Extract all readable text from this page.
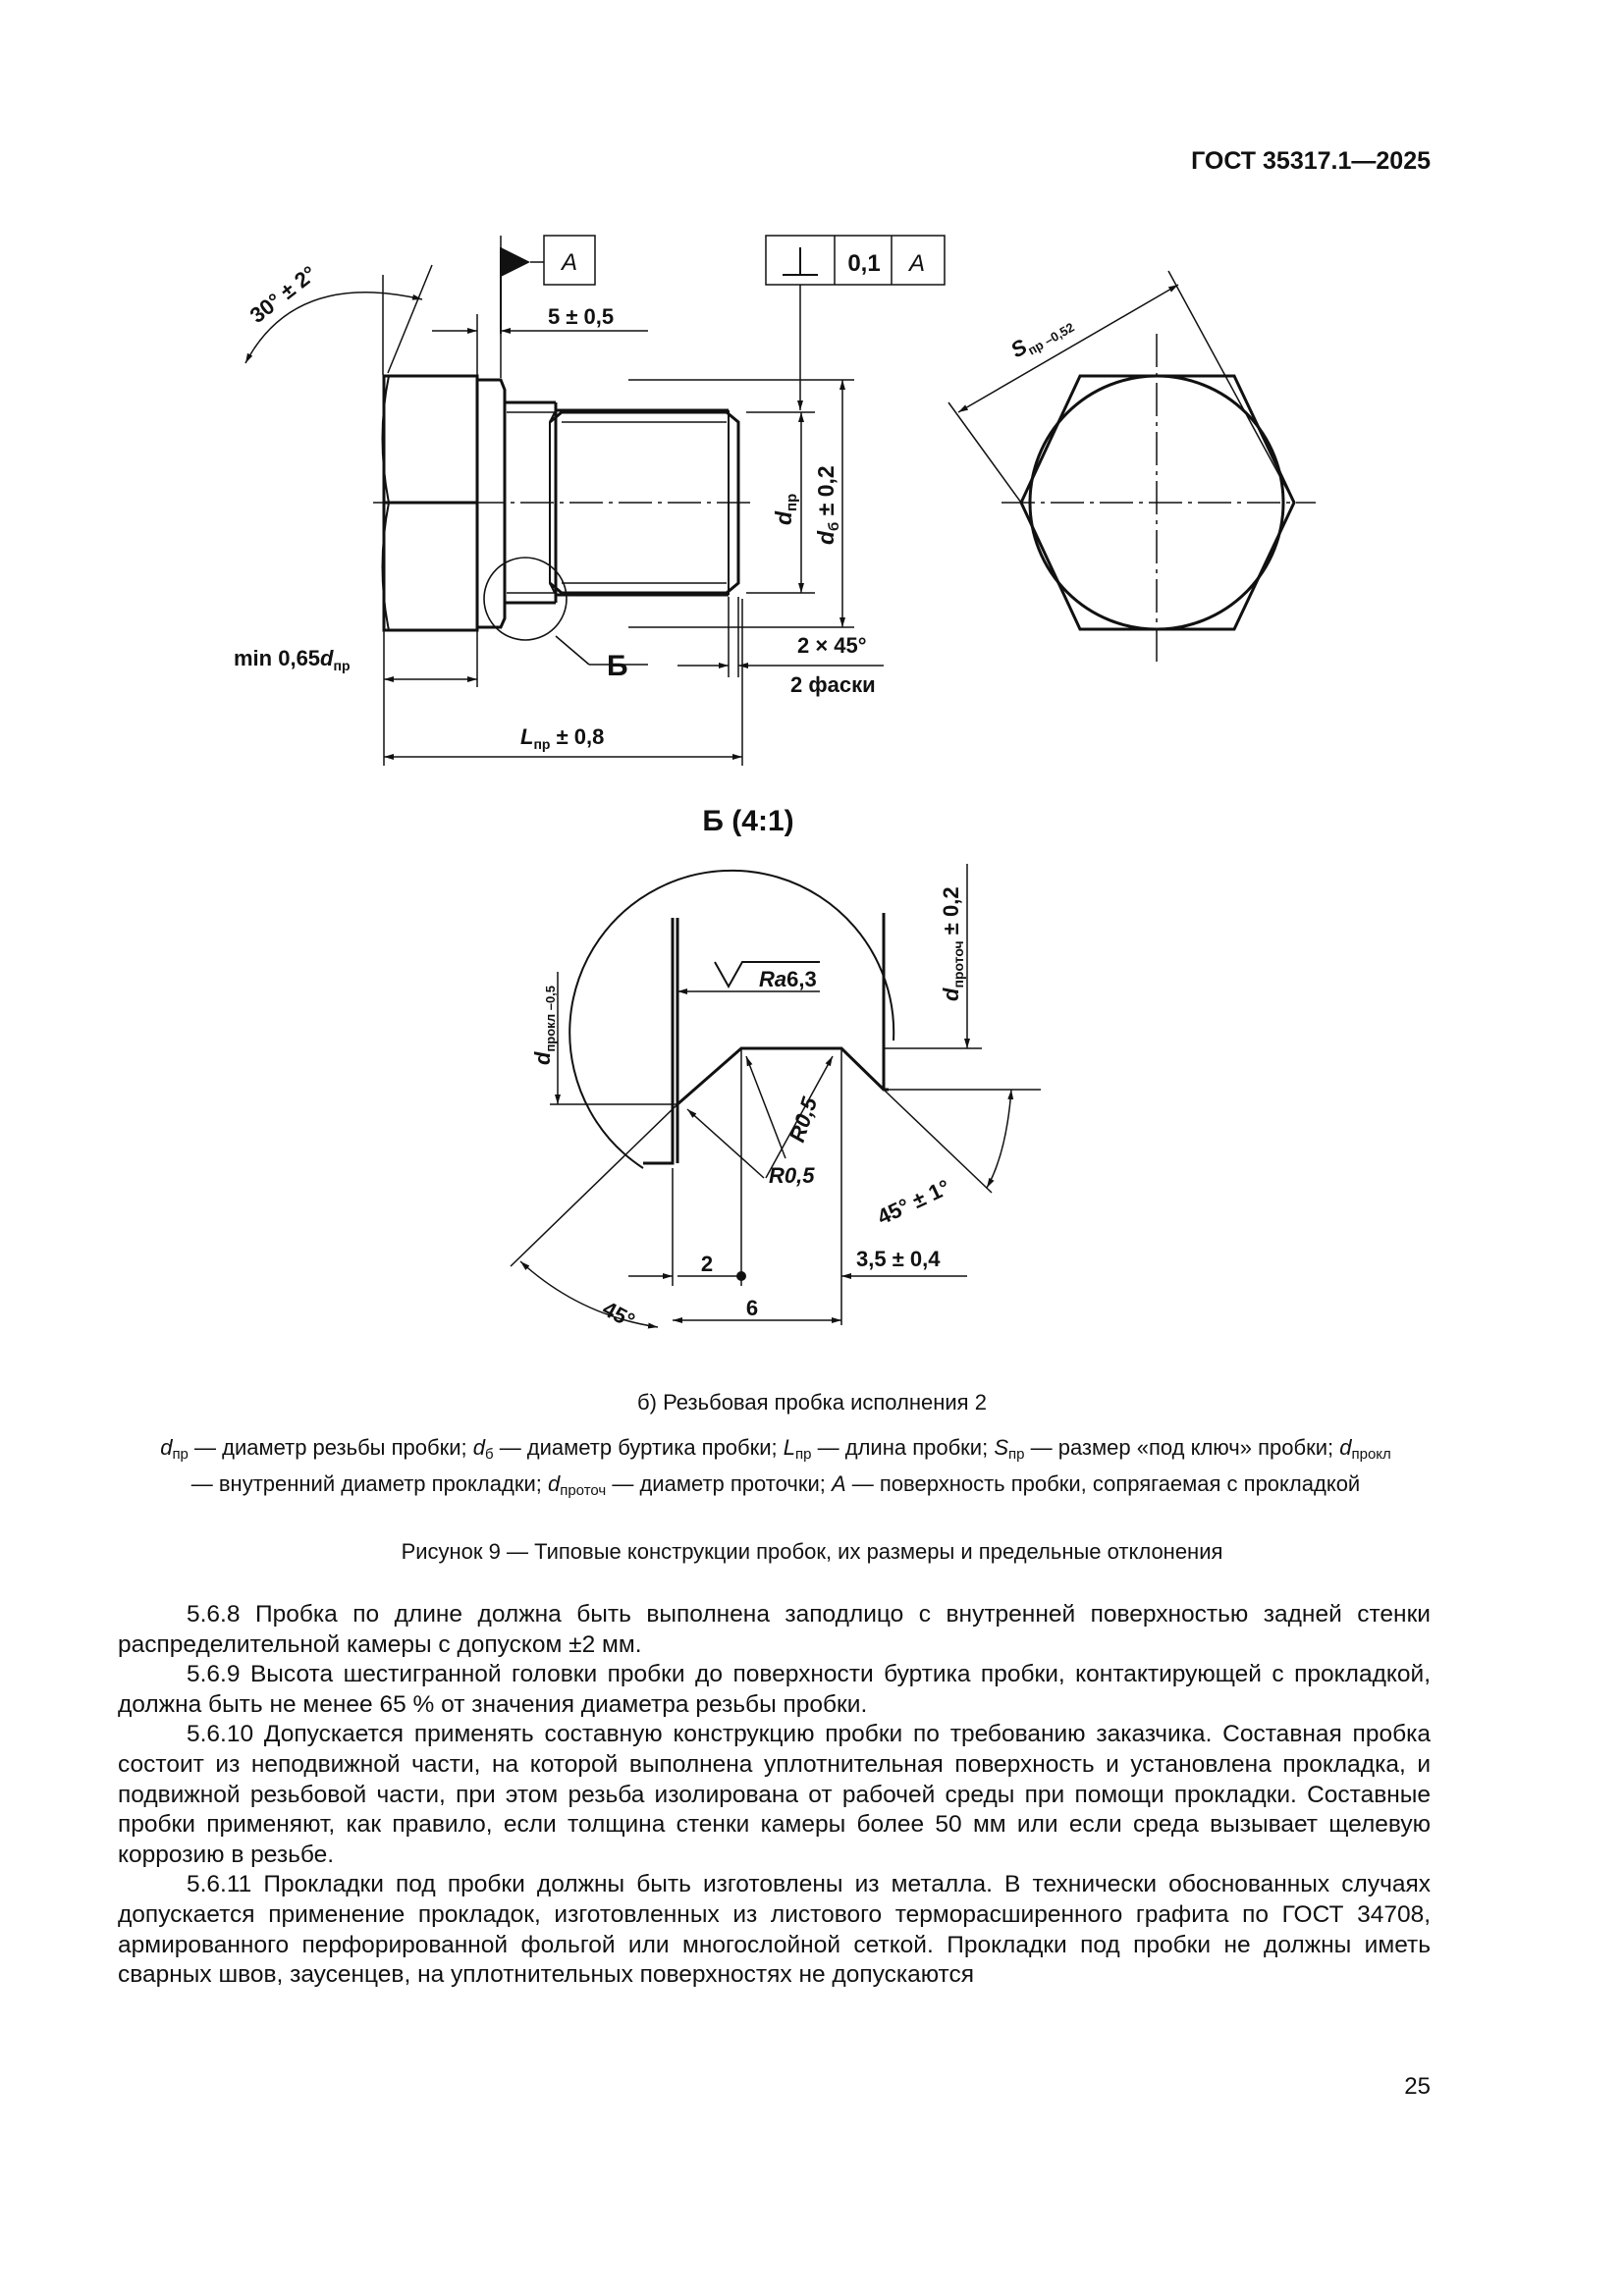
ГОСТ 35317.1—2025
A	0,1 A
30° ± 2°	5 ± 0,5
$d_{пр}$
$d_б \pm 0,2$
2 × 45°
2 фаски
Б
$\min 0,65d_{пр}$
$L_{пр} \pm 0,8$
$S_{пр -0,52}$
Б (4:1)
Ra6,3
R0,5
R0,5
$d_{прокл -0,5}$	$d_{проточ} \pm 0,2$
45° ± 1°
45°
2
6
3,5 ± 0,4
б) Резьбовая пробка исполнения 2
$d_{пр}$ — диаметр резьбы пробки; $d_б$ — диаметр буртика пробки; $L_{пр}$ — длина пробки; $S_{пр}$ — размер «под ключ» пробки; $d_{прокл}$ — внутренний диаметр прокладки; $d_{проточ}$ — диаметр проточки; A — поверхность пробки, сопрягаемая с прокладкой
Рисунок 9 — Типовые конструкции пробок, их размеры и предельные отклонения

5.6.8 Пробка по длине должна быть выполнена заподлицо с внутренней поверхностью задней стенки распределительной камеры с допуском ±2 мм.

5.6.9 Высота шестигранной головки пробки до поверхности буртика пробки, контактирующей с прокладкой, должна быть не менее 65 % от значения диаметра резьбы пробки.

5.6.10 Допускается применять составную конструкцию пробки по требованию заказчика. Составная пробка состоит из неподвижной части, на которой выполнена уплотнительная поверхность и установлена прокладка, и подвижной резьбовой части, при этом резьба изолирована от рабочей среды при помощи прокладки. Составные пробки применяют, как правило, если толщина стенки камеры более 50 мм или если среда вызывает щелевую коррозию в резьбе.

5.6.11 Прокладки под пробки должны быть изготовлены из металла. В технически обоснованных случаях допускается применение прокладок, изготовленных из листового терморасширенного графита по ГОСТ 34708, армированного перфорированной фольгой или многослойной сеткой. Прокладки под пробки не должны иметь сварных швов, заусенцев, на уплотнительных поверхностях не допускаются

25
